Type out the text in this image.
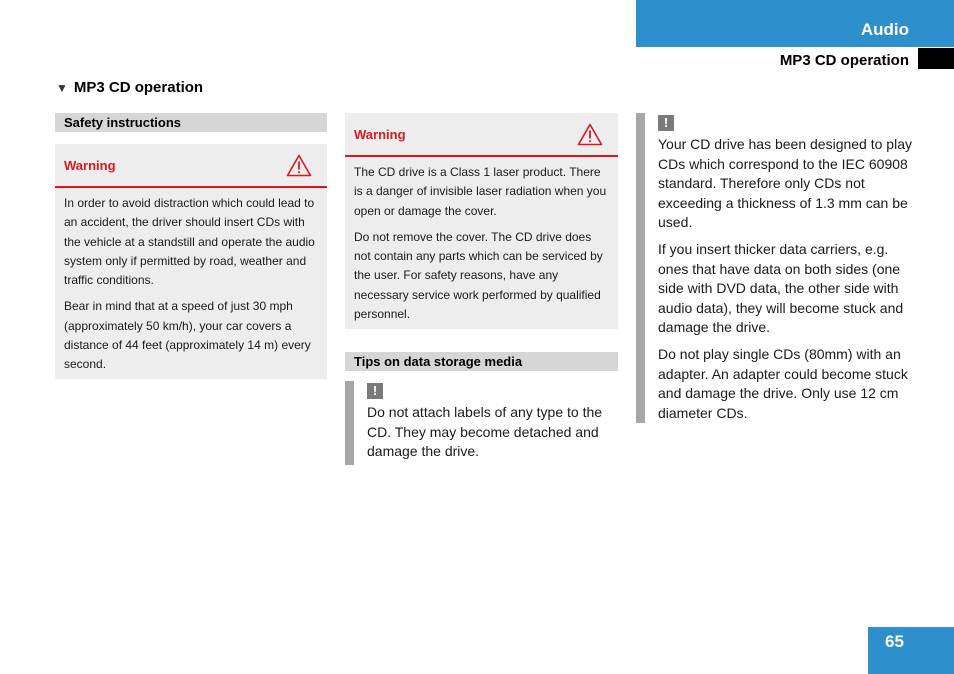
Audio
MP3 CD operation
▼ MP3 CD operation
Safety instructions
Warning

In order to avoid distraction which could lead to an accident, the driver should insert CDs with the vehicle at a standstill and operate the audio system only if permitted by road, weather and traffic conditions.

Bear in mind that at a speed of just 30 mph (approximately 50 km/h), your car covers a distance of 44 feet (approximately 14 m) every second.

Warning

The CD drive is a Class 1 laser product. There is a danger of invisible laser radiation when you open or damage the cover.

Do not remove the cover. The CD drive does not contain any parts which can be serviced by the user. For safety reasons, have any necessary service work performed by qualified personnel.

Tips on data storage media
!

Do not attach labels of any type to the CD. They may become detached and damage the drive.

!

Your CD drive has been designed to play CDs which correspond to the IEC 60908 standard. Therefore only CDs not exceeding a thickness of 1.3 mm can be used.

If you insert thicker data carriers, e.g. ones that have data on both sides (one side with DVD data, the other side with audio data), they will become stuck and damage the drive.

Do not play single CDs (80mm) with an adapter. An adapter could become stuck and damage the drive. Only use 12 cm diameter CDs.

65
